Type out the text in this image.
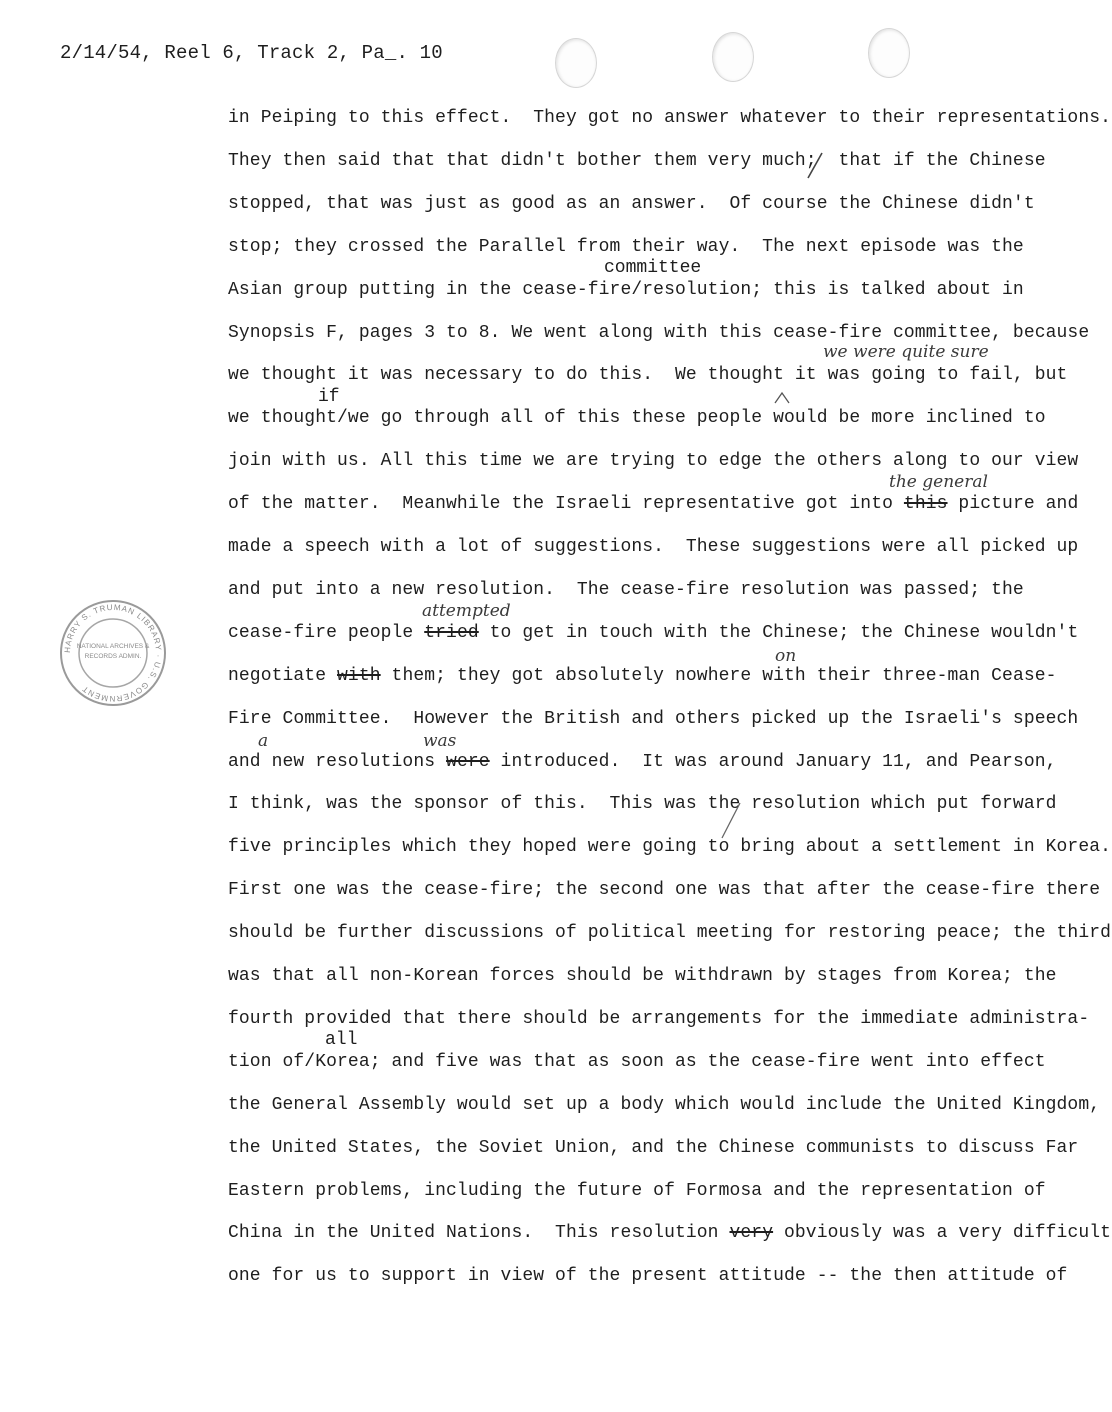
2/14/54, Reel 6, Track 2, Pa_. 10
in Peiping to this effect.  They got no answer whatever to their representations.
They then said that that didn't bother them very much;  that if the Chinese
stopped, that was just as good as an answer.  Of course the Chinese didn't
stop; they crossed the Parallel from their way.  The next episode was the
Asian group putting in the cease-fire/resolution; this is talked about in
Synopsis F, pages 3 to 8. We went along with this cease-fire committee, because
we thought it was necessary to do this.  We thought it was going to fail, but
we thought/we go through all of this these people would be more inclined to
join with us. All this time we are trying to edge the others along to our view
of the matter.  Meanwhile the Israeli representative got into this picture and
made a speech with a lot of suggestions.  These suggestions were all picked up
and put into a new resolution.  The cease-fire resolution was passed; the
cease-fire people tried to get in touch with the Chinese; the Chinese wouldn't
negotiate with them; they got absolutely nowhere with their three-man Cease-
Fire Committee.  However the British and others picked up the Israeli's speech
and new resolutions were introduced.  It was around January 11, and Pearson,
I think, was the sponsor of this.  This was the resolution which put forward
five principles which they hoped were going to bring about a settlement in Korea.
First one was the cease-fire; the second one was that after the cease-fire there
should be further discussions of political meeting for restoring peace; the third
was that all non-Korean forces should be withdrawn by stages from Korea; the
fourth provided that there should be arrangements for the immediate administra-
tion of/Korea; and five was that as soon as the cease-fire went into effect
the General Assembly would set up a body which would include the United Kingdom,
the United States, the Soviet Union, and the Chinese communists to discuss Far
Eastern problems, including the future of Formosa and the representation of
China in the United Nations.  This resolution very obviously was a very difficult
one for us to support in view of the present attitude -- the then attitude of
committee
if
all
we were quite sure
the general
attempted
on
a	was
HARRY S. TRUMAN LIBRARY · U.S. GOVERNMENT
NATIONAL ARCHIVES &
RECORDS ADMIN.
